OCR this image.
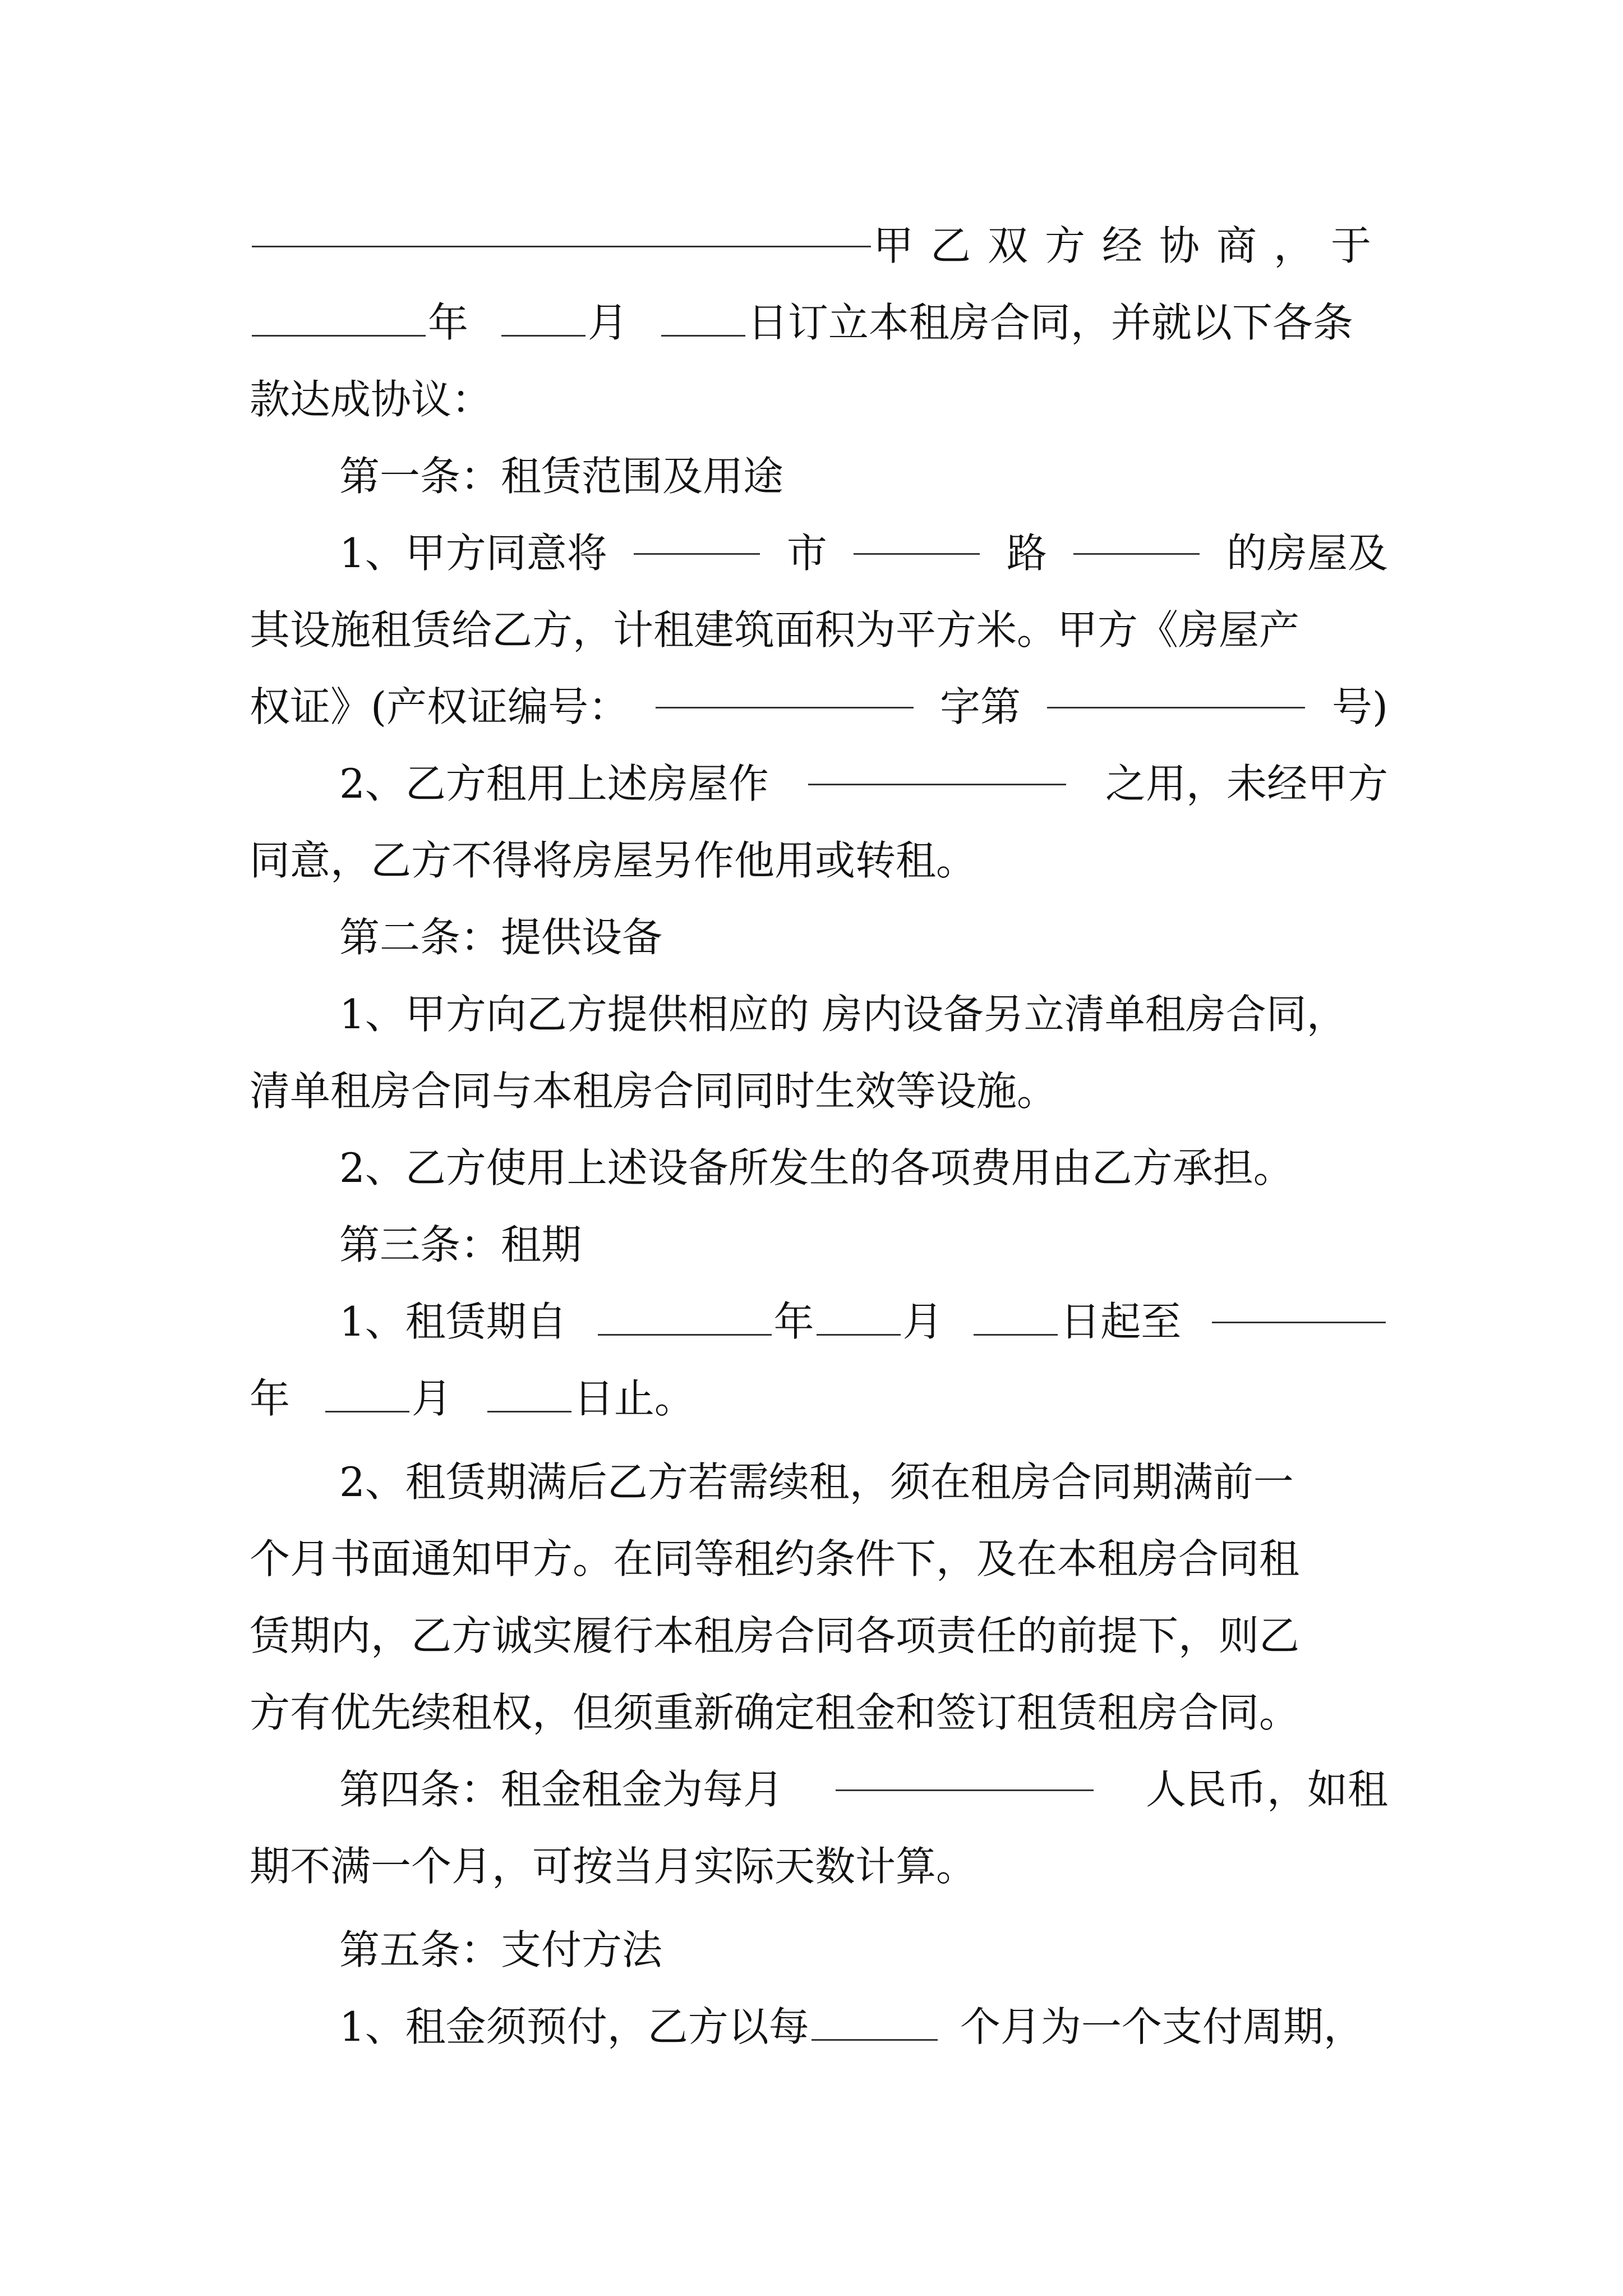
甲乙双方经协商，于
年	月	日订立本租房合同，并就以下各条
款达成协议：
第一条：租赁范围及用途
1、甲方同意将	市	路	的房屋及
其设施租赁给乙方，计租建筑面积为平方米。甲方《房屋产
权证》(产权证编号：	字第	号)
2、乙方租用上述房屋作	之用，未经甲方
同意，乙方不得将房屋另作他用或转租。
第二条：提供设备
1、甲方向乙方提供相应的 房内设备另立清单租房合同，
清单租房合同与本租房合同同时生效等设施。
2、乙方使用上述设备所发生的各项费用由乙方承担。
第三条：租期
1、租赁期自	年 月	日起至
年	月	日止。
2、租赁期满后乙方若需续租，须在租房合同期满前一
个月书面通知甲方。在同等租约条件下，及在本租房合同租
赁期内，乙方诚实履行本租房合同各项责任的前提下，则乙
方有优先续租权，但须重新确定租金和签订租赁租房合同。
第四条：租金租金为每月	人民币，如租
期不满一个月，可按当月实际天数计算。
第五条：支付方法
1、租金须预付，乙方以每	个月为一个支付周期，
